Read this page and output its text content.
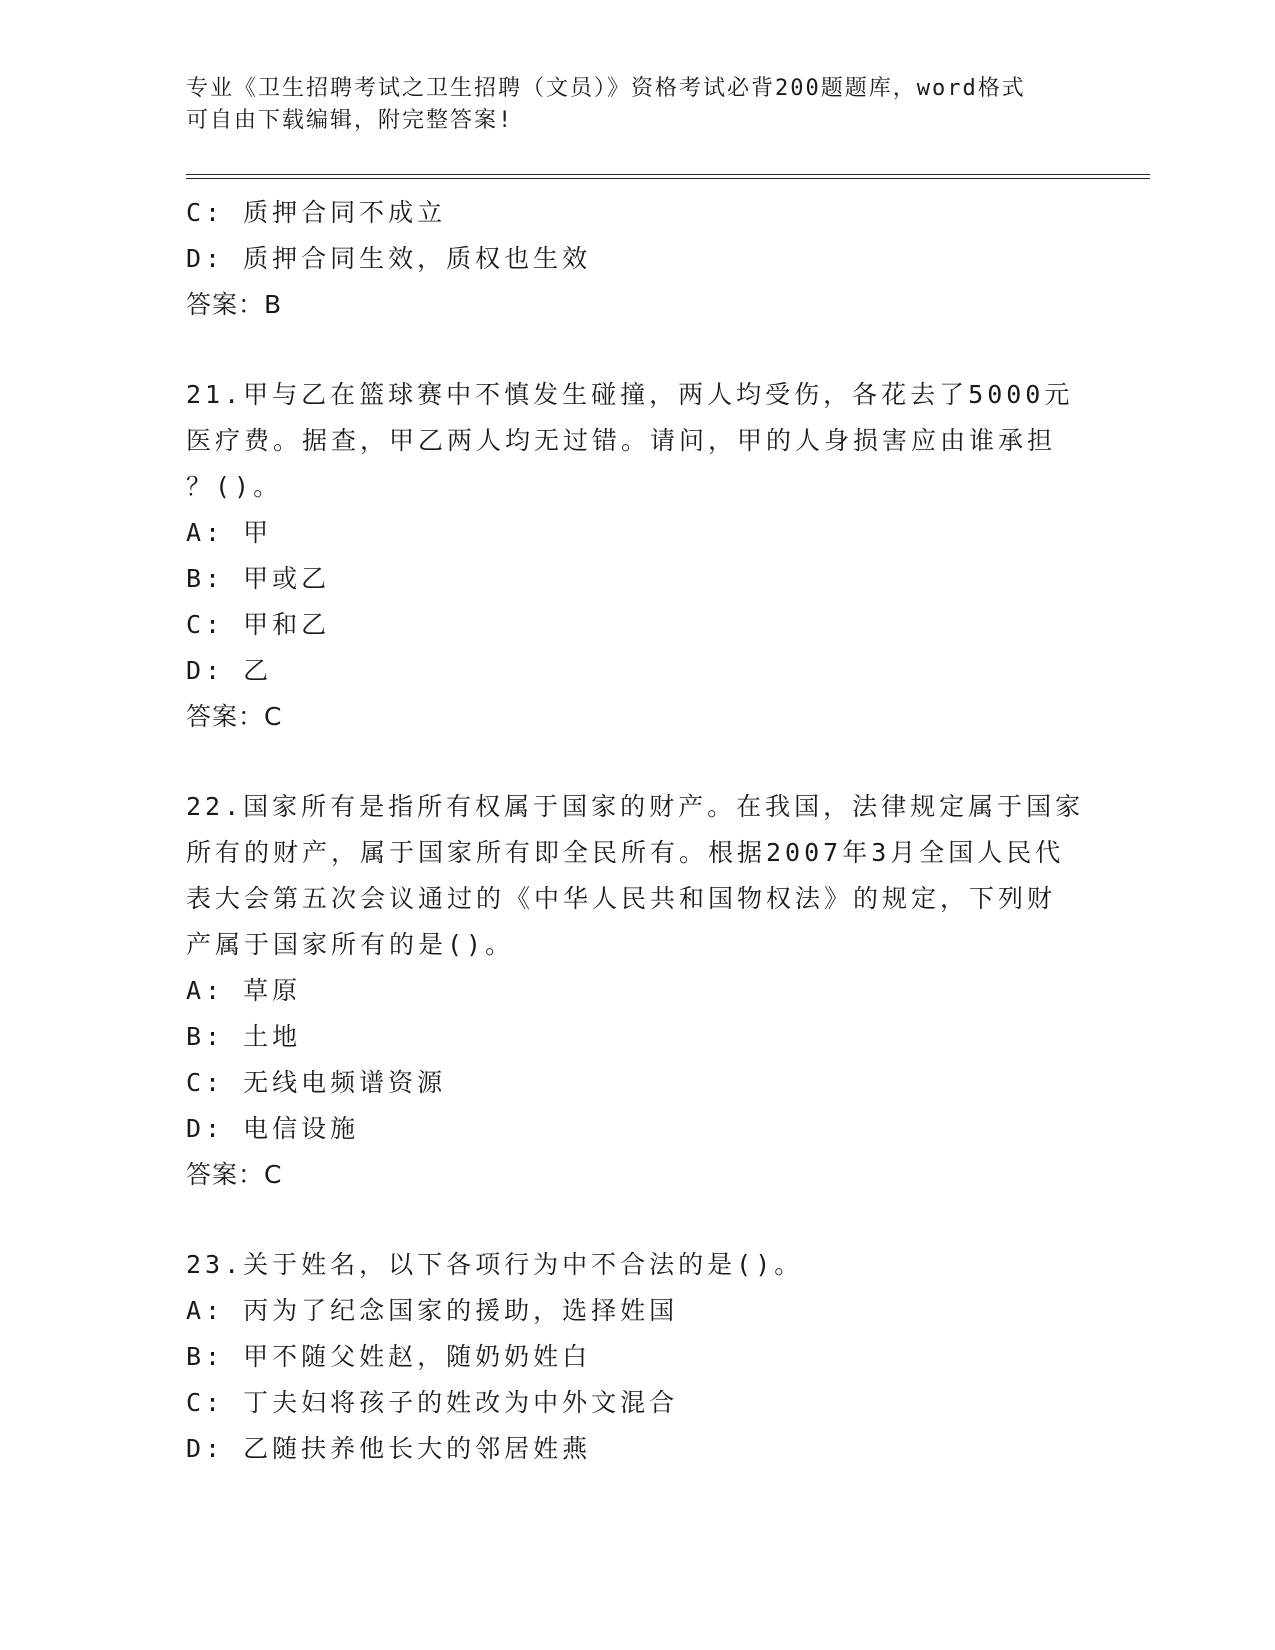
专业《卫生招聘考试之卫生招聘（文员）》资格考试必背200题题库，word格式
可自由下载编辑，附完整答案!
C: 质押合同不成立
D: 质押合同生效，质权也生效
答案：B
21.甲与乙在篮球赛中不慎发生碰撞，两人均受伤，各花去了5000元
医疗费。据查，甲乙两人均无过错。请问，甲的人身损害应由谁承担
？()。
A: 甲
B: 甲或乙
C: 甲和乙
D: 乙
答案：C
22.国家所有是指所有权属于国家的财产。在我国，法律规定属于国家
所有的财产，属于国家所有即全民所有。根据2007年3月全国人民代
表大会第五次会议通过的《中华人民共和国物权法》的规定，下列财
产属于国家所有的是()。
A: 草原
B: 土地
C: 无线电频谱资源
D: 电信设施
答案：C
23.关于姓名，以下各项行为中不合法的是()。
A: 丙为了纪念国家的援助，选择姓国
B: 甲不随父姓赵，随奶奶姓白
C: 丁夫妇将孩子的姓改为中外文混合
D: 乙随扶养他长大的邻居姓燕
